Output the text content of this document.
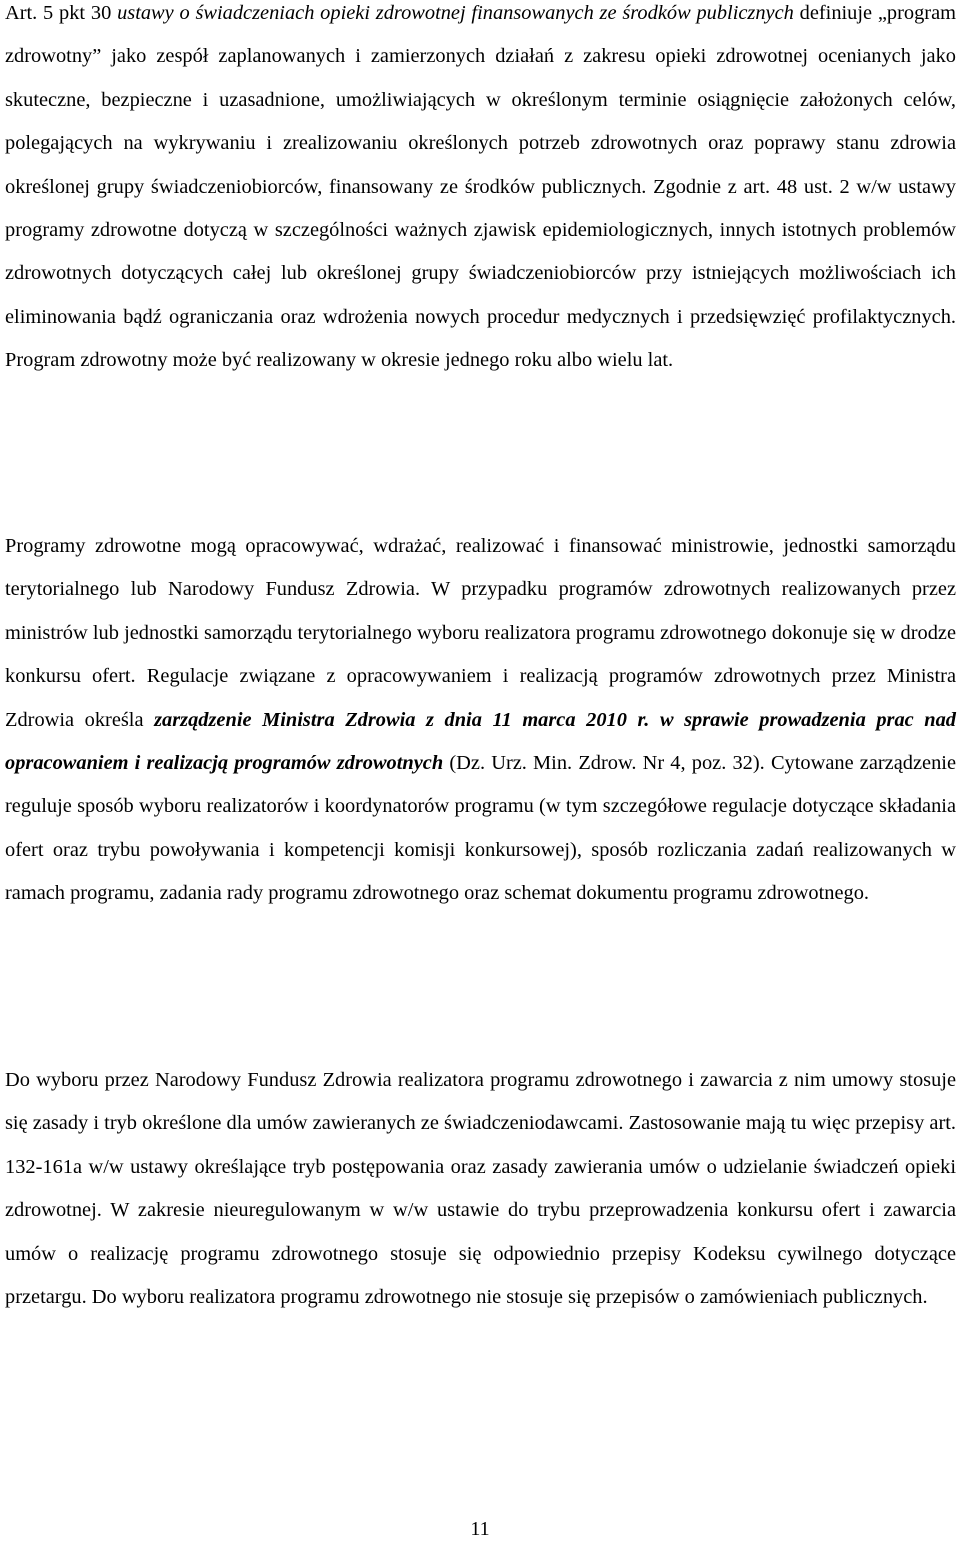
Art. 5 pkt 30 ustawy o świadczeniach opieki zdrowotnej finansowanych ze środków publicznych definiuje „program zdrowotny” jako zespół zaplanowanych i zamierzonych działań z zakresu opieki zdrowotnej ocenianych jako skuteczne, bezpieczne i uzasadnione, umożliwiających w określonym terminie osiągnięcie założonych celów, polegających na wykrywaniu i zrealizowaniu określonych potrzeb zdrowotnych oraz poprawy stanu zdrowia określonej grupy świadczeniobiorców, finansowany ze środków publicznych. Zgodnie z art. 48 ust. 2 w/w ustawy programy zdrowotne dotyczą w szczególności ważnych zjawisk epidemiologicznych, innych istotnych problemów zdrowotnych dotyczących całej lub określonej grupy świadczeniobiorców przy istniejących możliwościach ich eliminowania bądź ograniczania oraz wdrożenia nowych procedur medycznych i przedsięwzięć profilaktycznych. Program zdrowotny może być realizowany w okresie jednego roku albo wielu lat.

Programy zdrowotne mogą opracowywać, wdrażać, realizować i finansować ministrowie, jednostki samorządu terytorialnego lub Narodowy Fundusz Zdrowia. W przypadku programów zdrowotnych realizowanych przez ministrów lub jednostki samorządu terytorialnego wyboru realizatora programu zdrowotnego dokonuje się w drodze konkursu ofert. Regulacje związane z opracowywaniem i realizacją programów zdrowotnych przez Ministra Zdrowia określa zarządzenie Ministra Zdrowia z dnia 11 marca 2010 r. w sprawie prowadzenia prac nad opracowaniem i realizacją programów zdrowotnych (Dz. Urz. Min. Zdrow. Nr 4, poz. 32). Cytowane zarządzenie reguluje sposób wyboru realizatorów i koordynatorów programu (w tym szczegółowe regulacje dotyczące składania ofert oraz trybu powoływania i kompetencji komisji konkursowej), sposób rozliczania zadań realizowanych w ramach programu, zadania rady programu zdrowotnego oraz schemat dokumentu programu zdrowotnego.

Do wyboru przez Narodowy Fundusz Zdrowia realizatora programu zdrowotnego i zawarcia z nim umowy stosuje się zasady i tryb określone dla umów zawieranych ze świadczeniodawcami. Zastosowanie mają tu więc przepisy art. 132-161a w/w ustawy określające tryb postępowania oraz zasady zawierania umów o udzielanie świadczeń opieki zdrowotnej. W zakresie nieuregulowanym w w/w ustawie do trybu przeprowadzenia konkursu ofert i zawarcia umów o realizację programu zdrowotnego stosuje się odpowiednio przepisy Kodeksu cywilnego dotyczące przetargu. Do wyboru realizatora programu zdrowotnego nie stosuje się przepisów o zamówieniach publicznych.

11
